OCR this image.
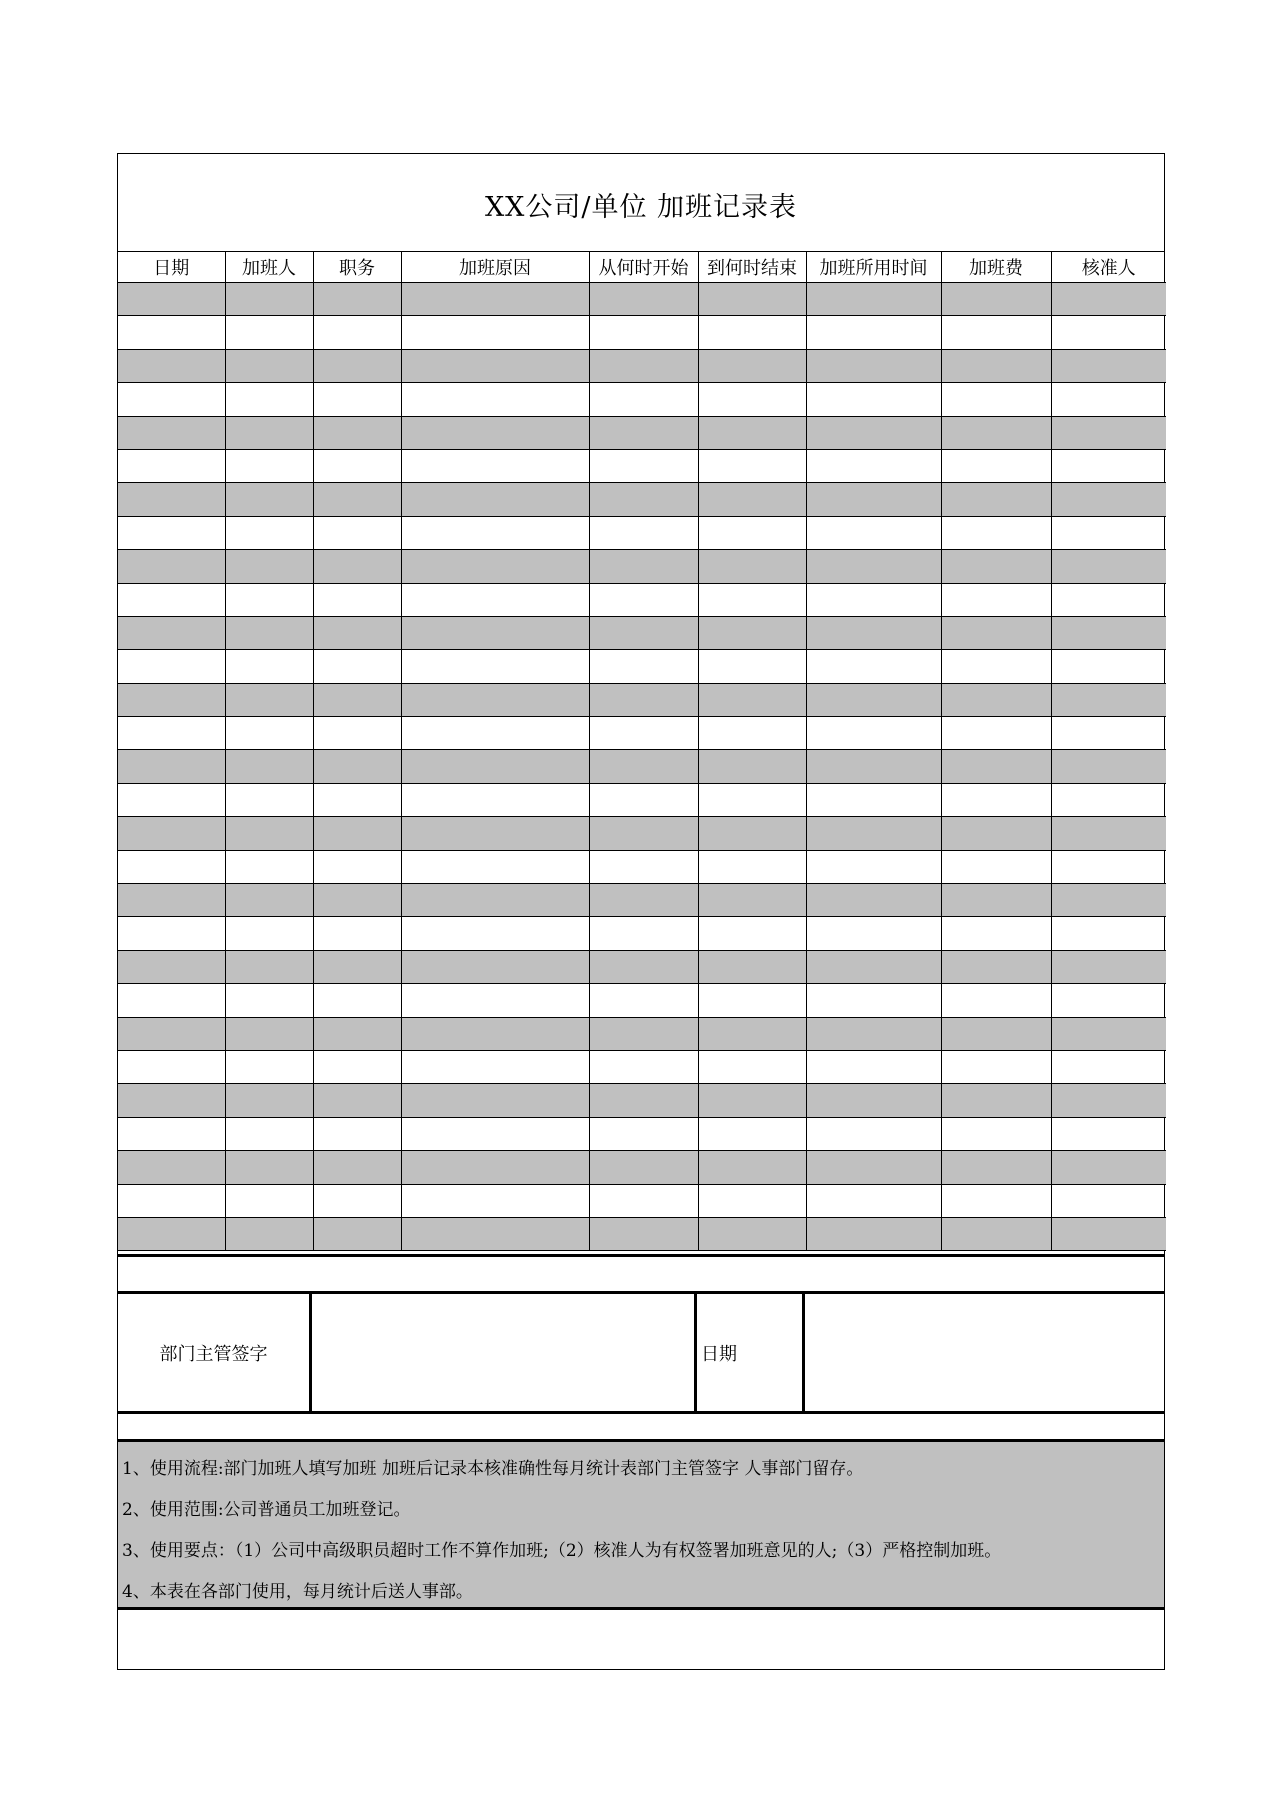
XX公司/单位 加班记录表
日期	加班人	职务	加班原因	从何时开始	到何时结束	加班所用时间	加班费	核准人

部门主管签字	日期
1、使用流程:部门加班人填写加班 加班后记录本核准确性每月统计表部门主管签字 人事部门留存。
2、使用范围:公司普通员工加班登记。
3、使用要点：（1）公司中高级职员超时工作不算作加班;（2）核准人为有权签署加班意见的人;（3）严格控制加班。
4、本表在各部门使用，每月统计后送人事部。
